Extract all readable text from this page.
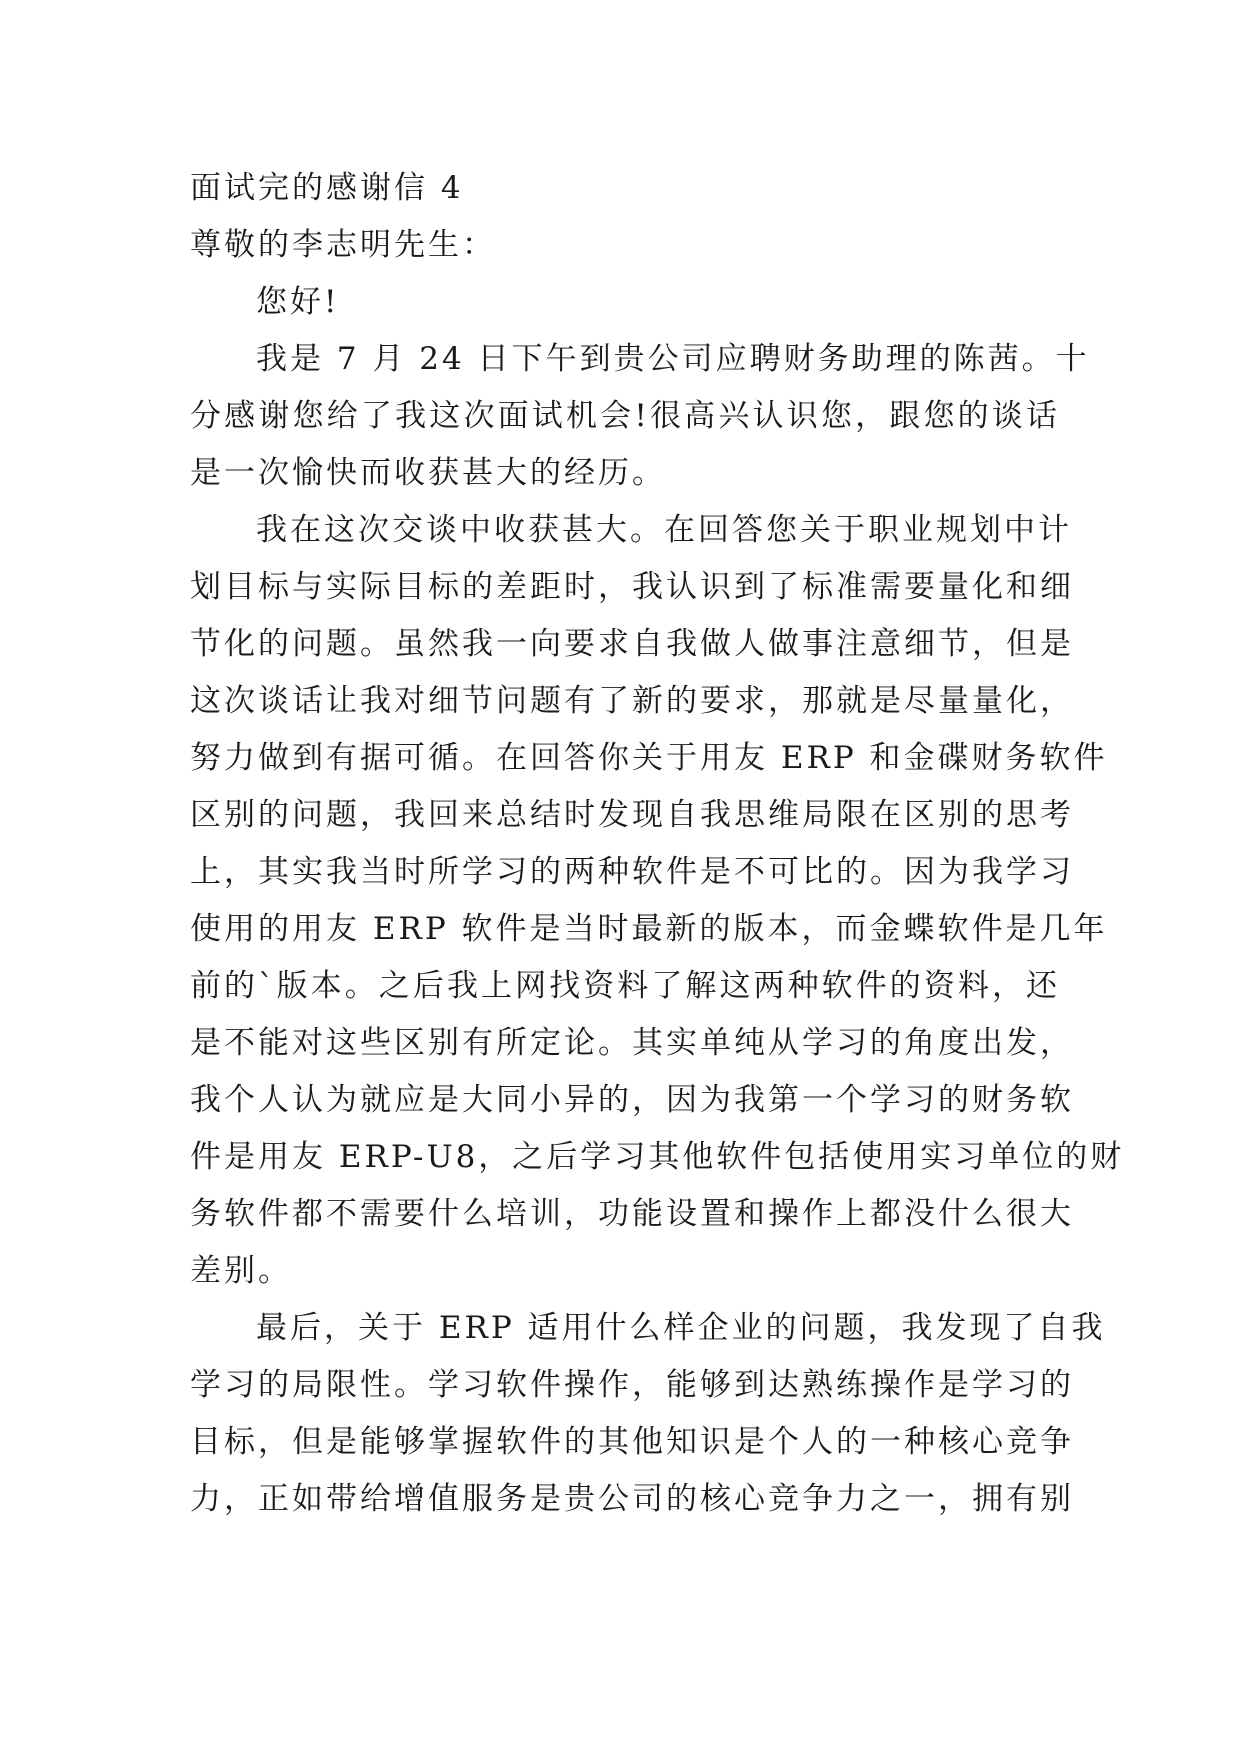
面试完的感谢信 4
尊敬的李志明先生：
您好!
我是 7 月 24 日下午到贵公司应聘财务助理的陈茜。十
分感谢您给了我这次面试机会!很高兴认识您，跟您的谈话
是一次愉快而收获甚大的经历。
我在这次交谈中收获甚大。在回答您关于职业规划中计
划目标与实际目标的差距时，我认识到了标准需要量化和细
节化的问题。虽然我一向要求自我做人做事注意细节，但是
这次谈话让我对细节问题有了新的要求，那就是尽量量化，
努力做到有据可循。在回答你关于用友 ERP 和金碟财务软件
区别的问题，我回来总结时发现自我思维局限在区别的思考
上，其实我当时所学习的两种软件是不可比的。因为我学习
使用的用友 ERP 软件是当时最新的版本，而金蝶软件是几年
前的`版本。之后我上网找资料了解这两种软件的资料，还
是不能对这些区别有所定论。其实单纯从学习的角度出发，
我个人认为就应是大同小异的，因为我第一个学习的财务软
件是用友 ERP-U8，之后学习其他软件包括使用实习单位的财
务软件都不需要什么培训，功能设置和操作上都没什么很大
差别。
最后，关于 ERP 适用什么样企业的问题，我发现了自我
学习的局限性。学习软件操作，能够到达熟练操作是学习的
目标，但是能够掌握软件的其他知识是个人的一种核心竞争
力，正如带给增值服务是贵公司的核心竞争力之一，拥有别
